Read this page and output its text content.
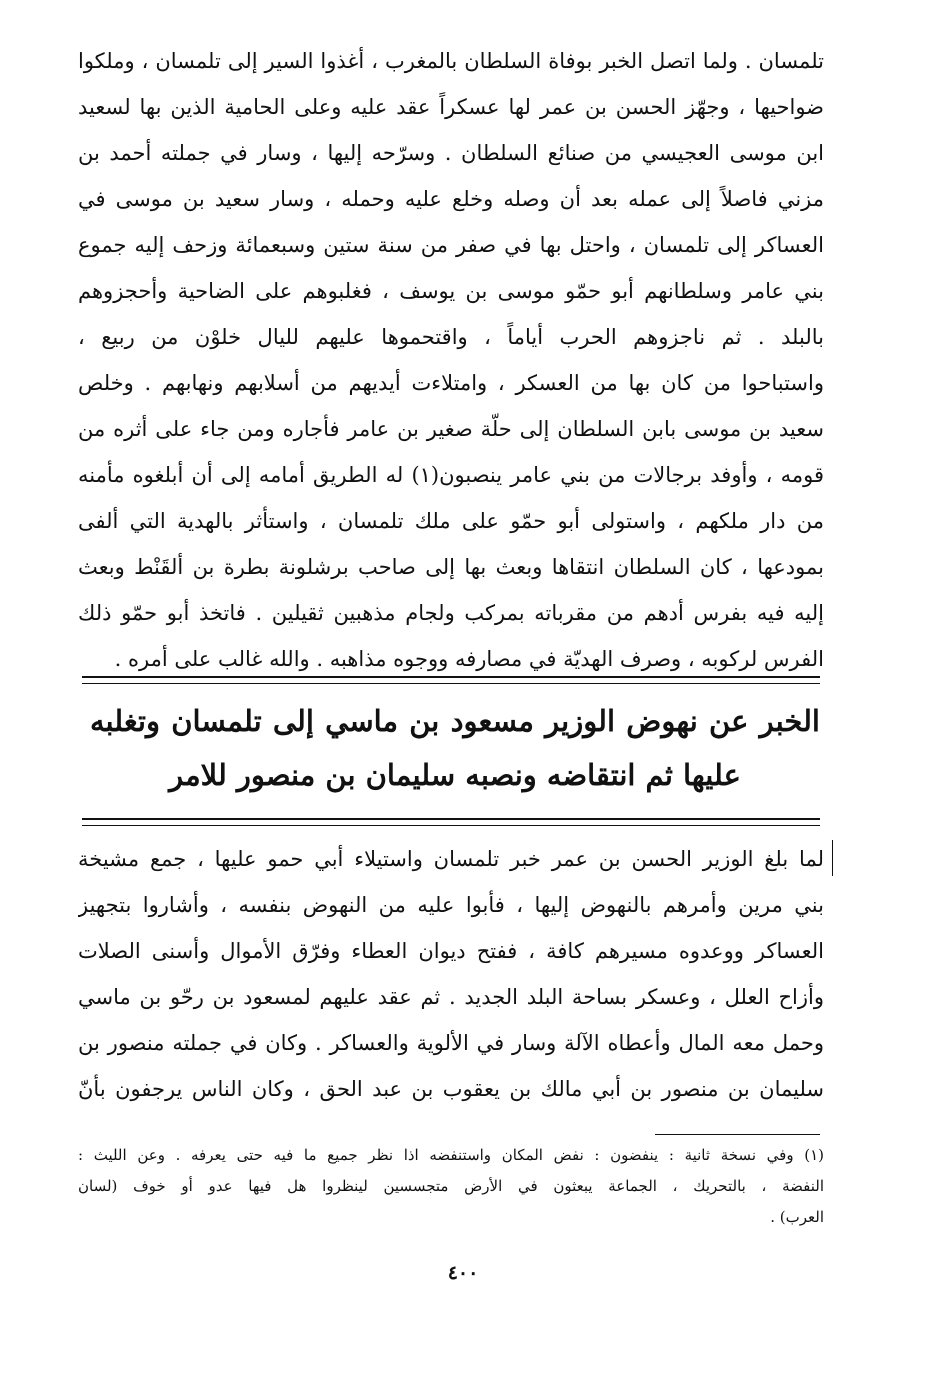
تلمسان . ولما اتصل الخبر بوفاة السلطان بالمغرب ، أغذوا السير إلى تلمسان ، وملكوا
ضواحيها ، وجهّز الحسن بن عمر لها عسكراً عقد عليه وعلى الحامية الذين بها لسعيد
ابن موسى العجيسي من صنائع السلطان . وسرّحه إليها ، وسار في جملته أحمد بن
مزني فاصلاً إلى عمله بعد أن وصله وخلع عليه وحمله ، وسار سعيد بن موسى في
العساكر إلى تلمسان ، واحتل بها في صفر من سنة ستين وسبعمائة وزحف إليه جموع
بني عامر وسلطانهم أبو حمّو موسى بن يوسف ، فغلبوهم على الضاحية وأحجزوهم
بالبلد . ثم ناجزوهم الحرب أياماً ، واقتحموها عليهم لليال خلوْن من ربيع ،
واستباحوا من كان بها من العسكر ، وامتلاءت أيديهم من أسلابهم ونهابهم . وخلص
سعيد بن موسى بابن السلطان إلى حلّة صغير بن عامر فأجاره ومن جاء على أثره من
قومه ، وأوفد برجالات من بني عامر ينصبون(١) له الطريق أمامه إلى أن أبلغوه مأمنه
من دار ملكهم ، واستولى أبو حمّو على ملك تلمسان ، واستأثر بالهدية التي ألفى
بمودعها ، كان السلطان انتقاها وبعث بها إلى صاحب برشلونة بطرة بن ألقَنْط وبعث
إليه فيه بفرس أدهم من مقرباته بمركب ولجام مذهبين ثقيلين . فاتخذ أبو حمّو ذلك
الفرس لركوبه ، وصرف الهديّة في مصارفه ووجوه مذاهبه . والله غالب على أمره .
الخبر عن نهوض الوزير مسعود بن ماسي إلى تلمسان وتغلبه
عليها ثم انتقاضه ونصبه سليمان بن منصور للامر
لما بلغ الوزير الحسن بن عمر خبر تلمسان واستيلاء أبي حمو عليها ، جمع مشيخة
بني مرين وأمرهم بالنهوض إليها ، فأبوا عليه من النهوض بنفسه ، وأشاروا بتجهيز
العساكر ووعدوه مسيرهم كافة ، ففتح ديوان العطاء وفرّق الأموال وأسنى الصلات
وأزاح العلل ، وعسكر بساحة البلد الجديد . ثم عقد عليهم لمسعود بن رحّو بن ماسي
وحمل معه المال وأعطاه الآلة وسار في الألوية والعساكر . وكان في جملته منصور بن
سليمان بن منصور بن أبي مالك بن يعقوب بن عبد الحق ، وكان الناس يرجفون بأنّ
(١) وفي نسخة ثانية : ينفضون : نفض المكان واستنفضه اذا نظر جميع ما فيه حتى يعرفه . وعن الليث :
النفضة ، بالتحريك ، الجماعة يبعثون في الأرض متجسسين لينظروا هل فيها عدو أو خوف (لسان
العرب) .
٤٠٠
